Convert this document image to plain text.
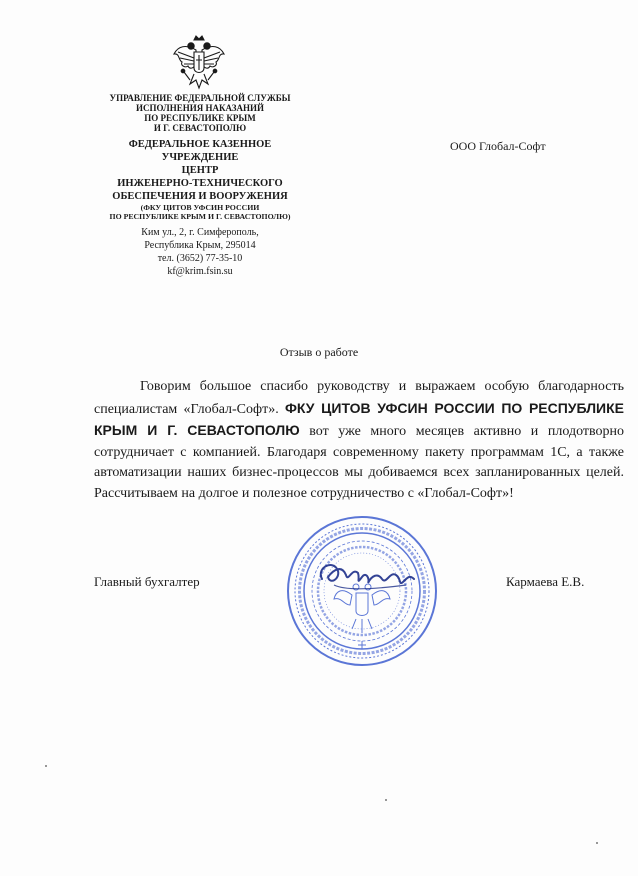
УПРАВЛЕНИЕ ФЕДЕРАЛЬНОЙ СЛУЖБЫ
ИСПОЛНЕНИЯ НАКАЗАНИЙ
ПО РЕСПУБЛИКЕ КРЫМ
И Г. СЕВАСТОПОЛЮ
ФЕДЕРАЛЬНОЕ КАЗЕННОЕ
УЧРЕЖДЕНИЕ
ЦЕНТР
ИНЖЕНЕРНО-ТЕХНИЧЕСКОГО
ОБЕСПЕЧЕНИЯ И ВООРУЖЕНИЯ
(ФКУ ЦИТОВ УФСИН РОССИИ
ПО РЕСПУБЛИКЕ КРЫМ И Г. СЕВАСТОПОЛЮ)
Ким ул., 2, г. Симферополь,
Республика Крым, 295014
тел. (3652) 77-35-10
kf@krim.fsin.su
ООО Глобал-Софт
Отзыв о работе
Говорим большое спасибо руководству и выражаем особую благодарность специалистам «Глобал-Софт». ФКУ ЦИТОВ УФСИН РОССИИ ПО РЕСПУБЛИКЕ КРЫМ И Г. СЕВАСТОПОЛЮ вот уже много месяцев активно и плодотворно сотрудничает с компанией. Благодаря современному пакету программам 1С, а также автоматизации наших бизнес-процессов мы добиваемся всех запланированных целей. Рассчитываем на долгое и полезное сотрудничество с «Глобал-Софт»!
Главный бухгалтер	Кармаева Е.В.
